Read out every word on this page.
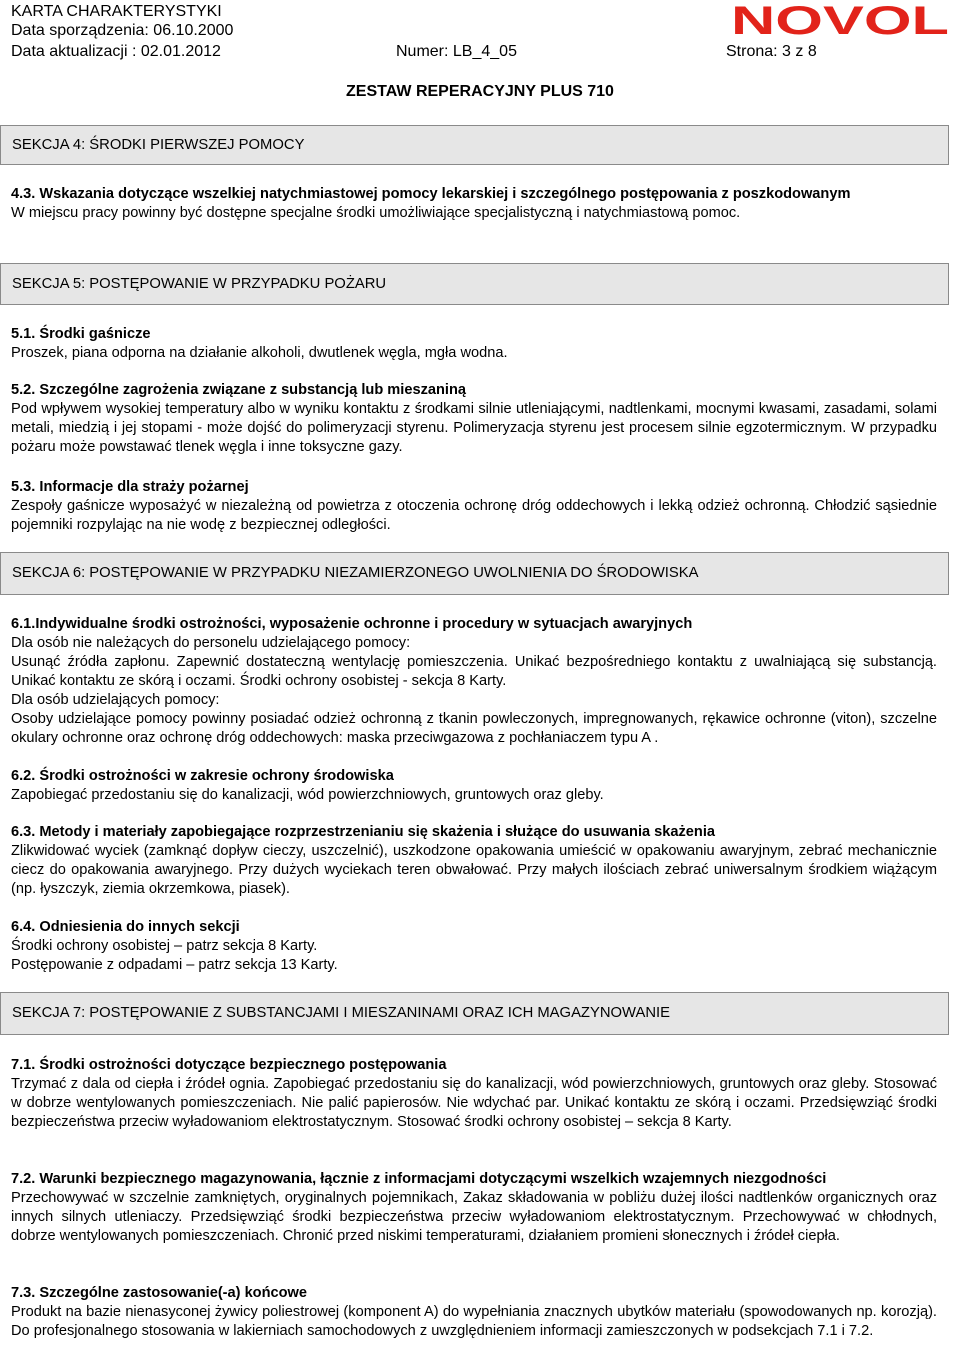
KARTA CHARAKTERYSTYKI
Data sporządzenia: 06.10.2000
Data aktualizacji : 02.01.2012	Numer: LB_4_05	Strona: 3 z 8
NOVOL
ZESTAW REPERACYJNY PLUS 710
SEKCJA 4: ŚRODKI PIERWSZEJ POMOCY

4.3. Wskazania dotyczące wszelkiej natychmiastowej pomocy lekarskiej i szczególnego postępowania z poszkodowanym

W miejscu pracy powinny być dostępne specjalne środki umożliwiające specjalistyczną i natychmiastową pomoc.

SEKCJA 5: POSTĘPOWANIE W PRZYPADKU POŻARU

5.1. Środki gaśnicze

Proszek, piana odporna na działanie alkoholi, dwutlenek węgla, mgła wodna.

5.2. Szczególne zagrożenia związane z substancją lub mieszaniną

Pod wpływem wysokiej temperatury albo w wyniku kontaktu z środkami silnie utleniającymi, nadtlenkami, mocnymi kwasami, zasadami, solami metali, miedzią i jej stopami - może dojść do polimeryzacji styrenu. Polimeryzacja styrenu jest procesem silnie egzotermicznym. W przypadku pożaru może powstawać tlenek węgla i inne toksyczne gazy.

5.3. Informacje dla straży pożarnej

Zespoły gaśnicze wyposażyć w niezależną od powietrza z otoczenia ochronę dróg oddechowych i lekką odzież ochronną. Chłodzić sąsiednie pojemniki rozpylając na nie wodę z bezpiecznej odległości.

SEKCJA 6: POSTĘPOWANIE W PRZYPADKU NIEZAMIERZONEGO UWOLNIENIA DO ŚRODOWISKA

6.1.Indywidualne środki ostrożności, wyposażenie ochronne i procedury w sytuacjach awaryjnych

Dla osób nie należących do personelu udzielającego pomocy:

Usunąć źródła zapłonu. Zapewnić dostateczną wentylację pomieszczenia. Unikać bezpośredniego kontaktu z uwalniającą się substancją. Unikać kontaktu ze skórą i oczami. Środki ochrony osobistej - sekcja 8 Karty.

Dla osób udzielających pomocy:

Osoby udzielające pomocy powinny posiadać odzież ochronną z tkanin powleczonych, impregnowanych, rękawice ochronne (viton), szczelne okulary ochronne oraz ochronę dróg oddechowych: maska przeciwgazowa z pochłaniaczem typu A .

6.2. Środki ostrożności w zakresie ochrony środowiska

Zapobiegać przedostaniu się do kanalizacji, wód powierzchniowych, gruntowych oraz gleby.

6.3. Metody i materiały zapobiegające rozprzestrzenianiu się skażenia i służące do usuwania skażenia

Zlikwidować wyciek (zamknąć dopływ cieczy, uszczelnić), uszkodzone opakowania umieścić w opakowaniu awaryjnym, zebrać mechanicznie ciecz do opakowania awaryjnego. Przy dużych wyciekach teren obwałować. Przy małych ilościach zebrać uniwersalnym środkiem wiążącym (np. łyszczyk, ziemia okrzemkowa, piasek).

6.4. Odniesienia do innych sekcji

Środki ochrony osobistej – patrz sekcja 8 Karty.

Postępowanie z odpadami – patrz sekcja 13 Karty.

SEKCJA 7: POSTĘPOWANIE Z SUBSTANCJAMI I MIESZANINAMI ORAZ ICH MAGAZYNOWANIE

7.1. Środki ostrożności dotyczące bezpiecznego postępowania

Trzymać z dala od ciepła i źródeł ognia. Zapobiegać przedostaniu się do kanalizacji, wód powierzchniowych, gruntowych oraz gleby. Stosować w dobrze wentylowanych pomieszczeniach. Nie palić papierosów. Nie wdychać par. Unikać kontaktu ze skórą i oczami. Przedsięwziąć środki bezpieczeństwa przeciw wyładowaniom elektrostatycznym. Stosować środki ochrony osobistej – sekcja 8 Karty.

7.2. Warunki bezpiecznego magazynowania, łącznie z informacjami dotyczącymi wszelkich wzajemnych niezgodności

Przechowywać w szczelnie zamkniętych, oryginalnych pojemnikach, Zakaz składowania w pobliżu dużej ilości nadtlenków organicznych oraz innych silnych utleniaczy. Przedsięwziąć środki bezpieczeństwa przeciw wyładowaniom elektrostatycznym. Przechowywać w chłodnych, dobrze wentylowanych pomieszczeniach. Chronić przed niskimi temperaturami, działaniem promieni słonecznych i źródeł ciepła.

7.3. Szczególne zastosowanie(-a) końcowe

Produkt na bazie nienasyconej żywicy poliestrowej (komponent A) do wypełniania znacznych ubytków materiału (spowodowanych np. korozją). Do profesjonalnego stosowania w lakierniach samochodowych z uwzględnieniem informacji zamieszczonych w podsekcjach 7.1 i 7.2.
